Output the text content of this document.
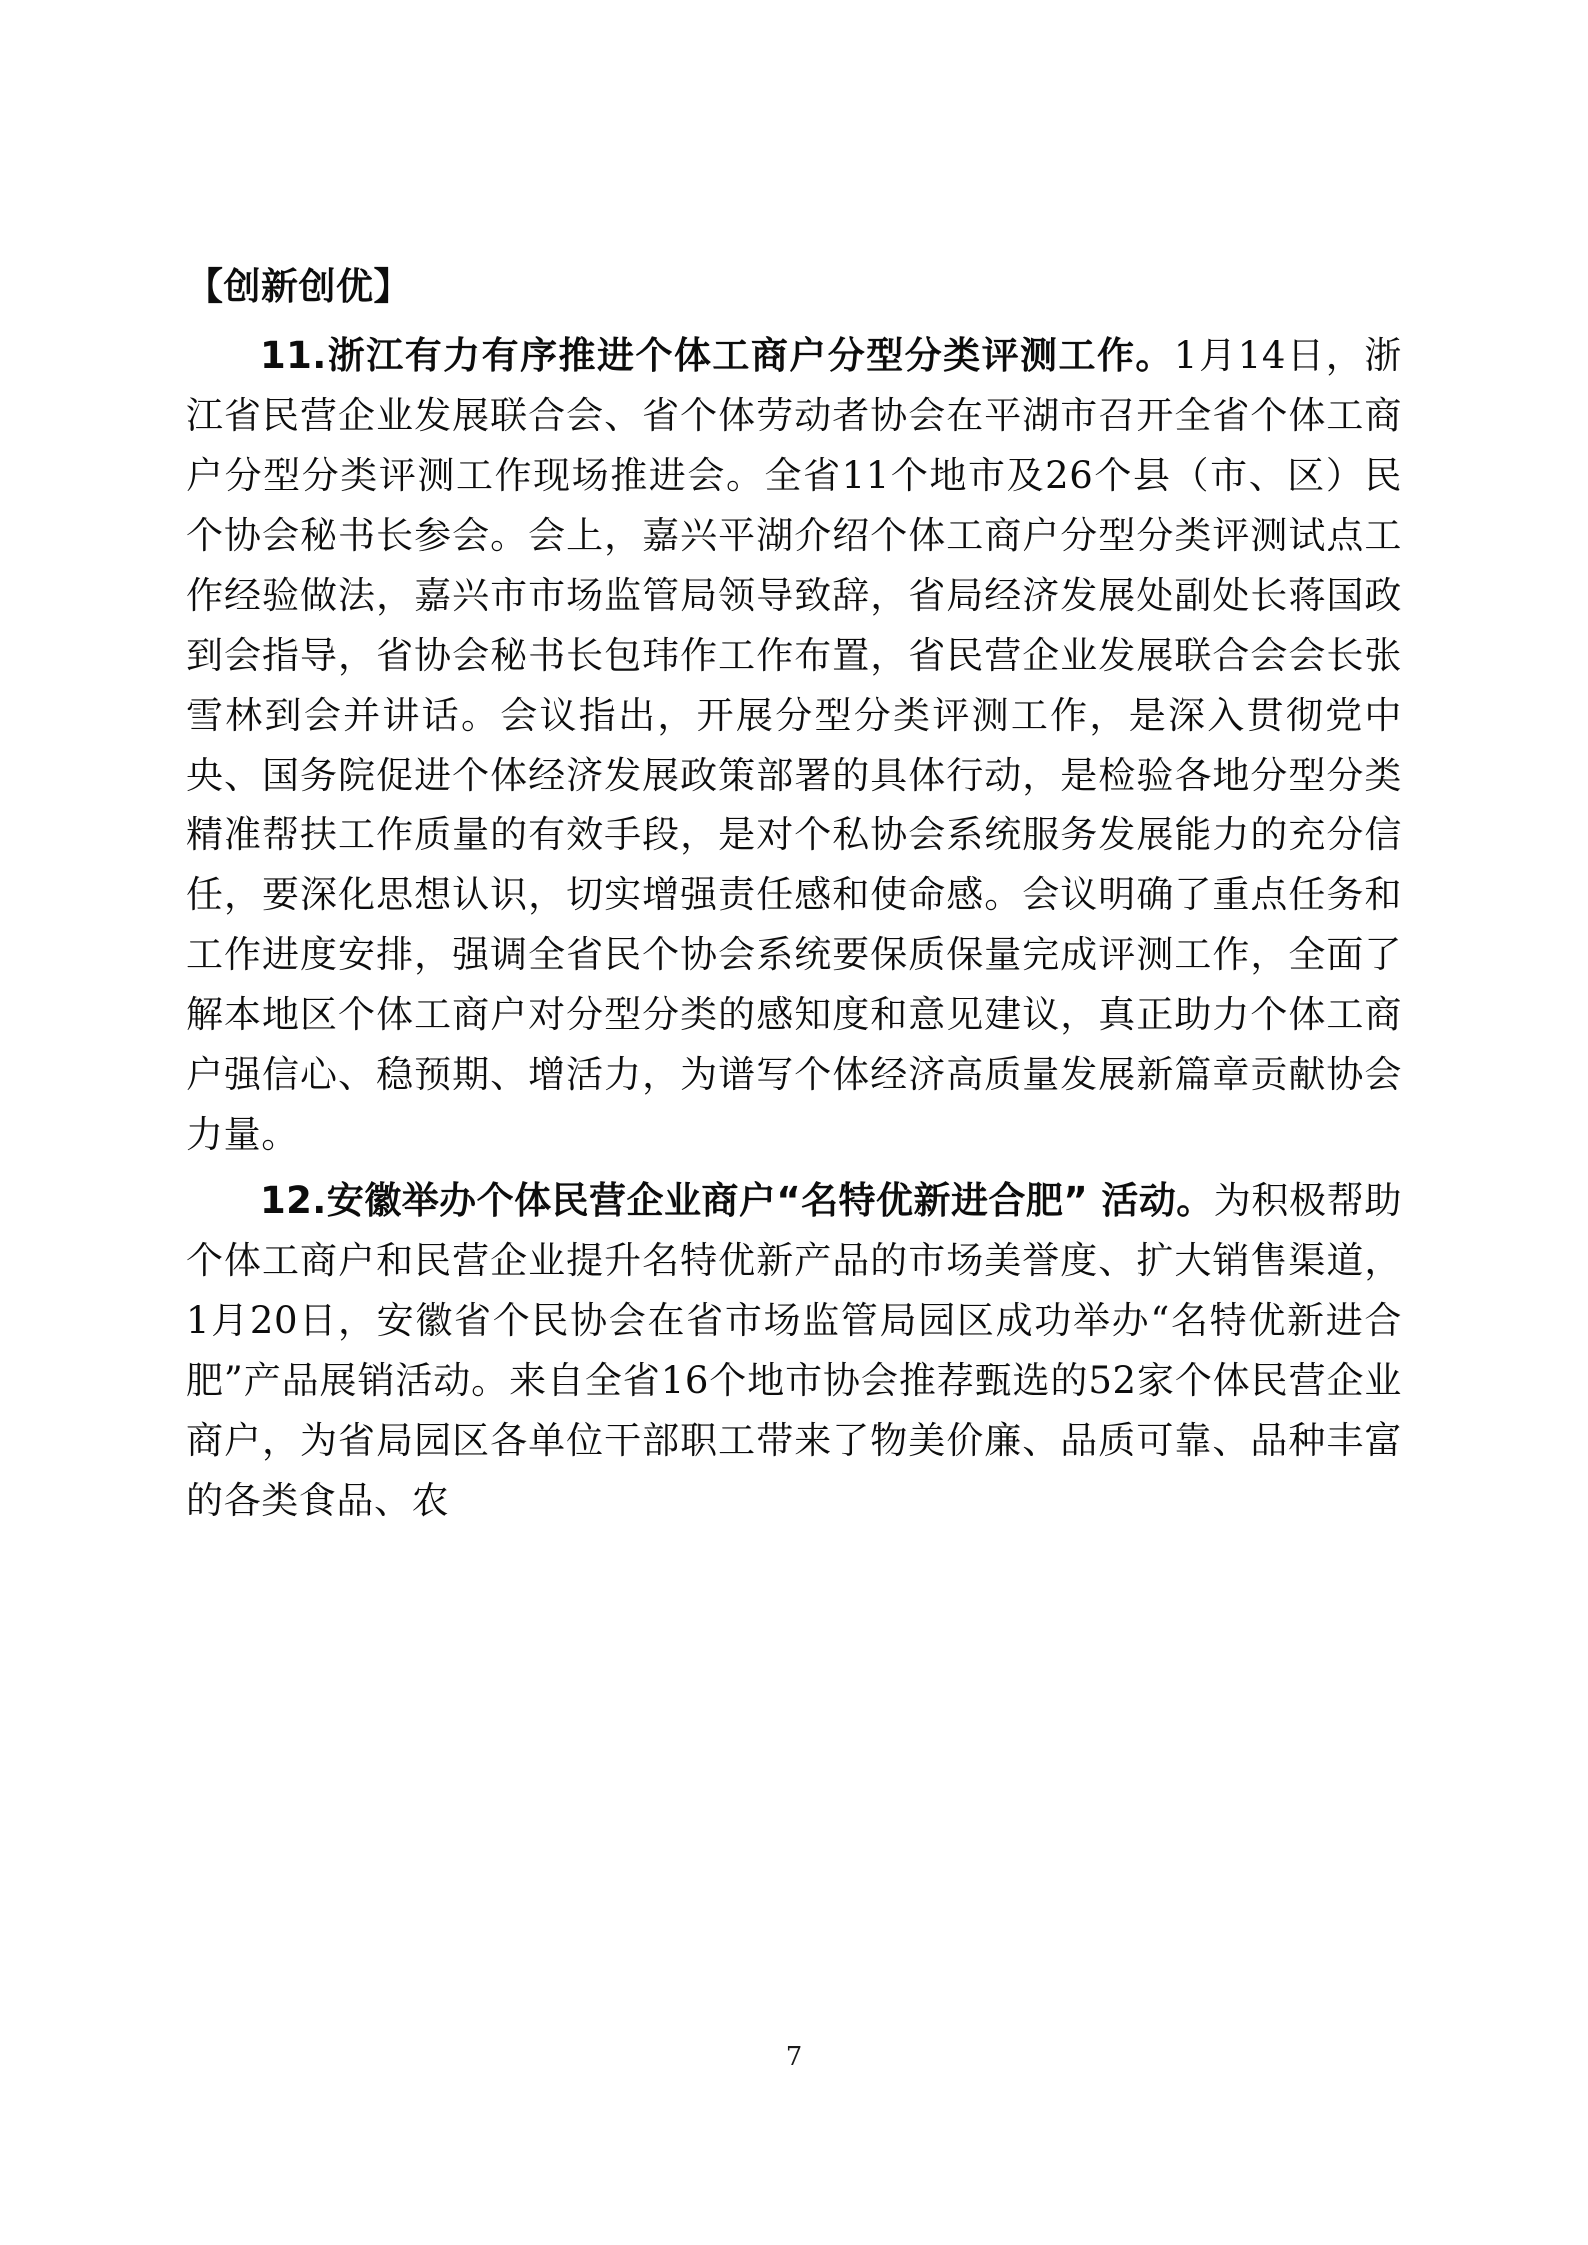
【创新创优】

11.浙江有力有序推进个体工商户分型分类评测工作。1月14日，浙江省民营企业发展联合会、省个体劳动者协会在平湖市召开全省个体工商户分型分类评测工作现场推进会。全省11个地市及26个县（市、区）民个协会秘书长参会。会上，嘉兴平湖介绍个体工商户分型分类评测试点工作经验做法，嘉兴市市场监管局领导致辞，省局经济发展处副处长蒋国政到会指导，省协会秘书长包玮作工作布置，省民营企业发展联合会会长张雪林到会并讲话。会议指出，开展分型分类评测工作，是深入贯彻党中央、国务院促进个体经济发展政策部署的具体行动，是检验各地分型分类精准帮扶工作质量的有效手段，是对个私协会系统服务发展能力的充分信任，要深化思想认识，切实增强责任感和使命感。会议明确了重点任务和工作进度安排，强调全省民个协会系统要保质保量完成评测工作，全面了解本地区个体工商户对分型分类的感知度和意见建议，真正助力个体工商户强信心、稳预期、增活力，为谱写个体经济高质量发展新篇章贡献协会力量。

12.安徽举办个体民营企业商户“名特优新进合肥” 活动。为积极帮助个体工商户和民营企业提升名特优新产品的市场美誉度、扩大销售渠道，1月20日，安徽省个民协会在省市场监管局园区成功举办“名特优新进合肥”产品展销活动。来自全省16个地市协会推荐甄选的52家个体民营企业商户，为省局园区各单位干部职工带来了物美价廉、品质可靠、品种丰富的各类食品、农

7
